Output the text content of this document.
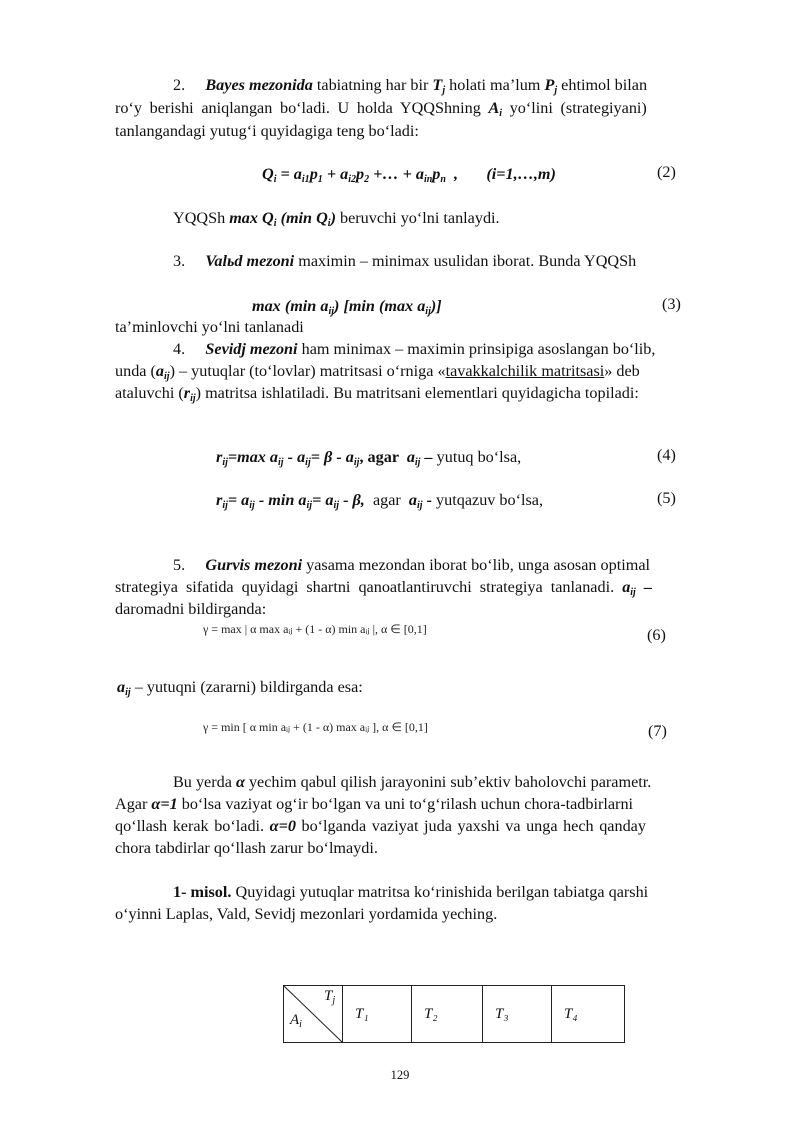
2. Bayes mezonida tabiatning har bir $T_j$ holati ma’lum $P_j$ ehtimol bilan
ro‘y berishi aniqlangan bo‘ladi. U holda YQQShning $A_i$ yo‘lini (strategiyani)
tanlangandagi yutug‘i quyidagiga teng bo‘ladi:
$Q_i = a_{i1}p_1 + a_{i2}p_2$ +… + $a_{in}p_n$  , (i=1,…,m)	(2)
YQQSh $\max Q_i$ (min $Q_i$) beruvchi yo‘lni tanlaydi.
3. Valьd mezoni maximin – minimax usulidan iborat. Bunda YQQSh
max (min $a_{ij}$) [min (max $a_{ij}$)]	(3)
ta’minlovchi yo‘lni tanlanadi
4. Sevidj mezoni ham minimax – maximin prinsipiga asoslangan bo‘lib,
unda $(a_{ij})$ – yutuqlar (to‘lovlar) matritsasi o‘rniga «tavakkalchilik matritsasi» deb
ataluvchi $(r_{ij})$ matritsa ishlatiladi. Bu matritsani elementlari quyidagicha topiladi:
$r_{ij}=\max$ $a_{ij} - a_{ij}= \beta - a_{ij}$, agar  $a_{ij}$ – yutuq bo‘lsa,	(4)
$r_{ij}= a_{ij} - \min a_{ij}= a_{ij} - \beta$, agar  $a_{ij}$ - yutqazuv bo‘lsa,	(5)
5. Gurvis mezoni yasama mezondan iborat bo‘lib, unga asosan optimal
strategiya sifatida quyidagi shartni qanoatlantiruvchi strategiya tanlanadi. $a_{ij}$ –
daromadni bildirganda:
γ = max | α max aᵢⱼ + (1 - α) min aᵢⱼ |, α ∈ [0,1]	(6)
$a_{ij}$ – yutuqni (zararni) bildirganda esa:
γ = min [ α min aᵢⱼ + (1 - α) max aᵢⱼ ], α ∈ [0,1]	(7)
Bu yerda α yechim qabul qilish jarayonini sub’ektiv baholovchi parametr.
Agar α=1 bo‘lsa vaziyat og‘ir bo‘lgan va uni to‘g‘rilash uchun chora-tadbirlarni
qo‘llash kerak bo‘ladi. α=0 bo‘lganda vaziyat juda yaxshi va unga hech qanday
chora tabdirlar qo‘llash zarur bo‘lmaydi.
1- misol. Quyidagi yutuqlar matritsa ko‘rinishida berilgan tabiatga qarshi
o‘yinni Laplas, Vald, Sevidj mezonlari yordamida yeching.
$T_j$
$A_i$
	T₁	T₂	T₃	T₄
129
